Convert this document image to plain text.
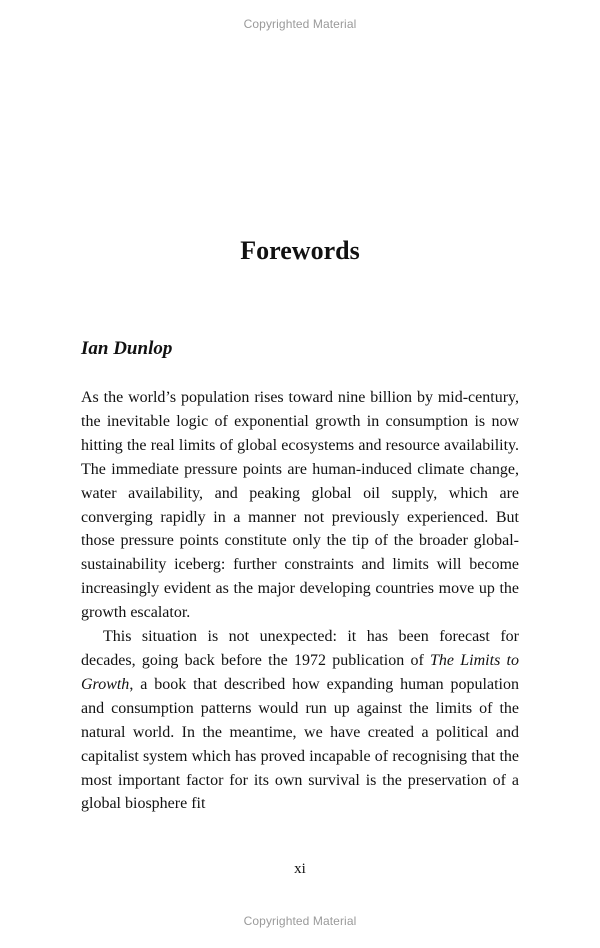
Copyrighted Material
Forewords
Ian Dunlop

As the world’s population rises toward nine billion by mid-century, the inevitable logic of exponential growth in consumption is now hitting the real limits of global ecosystems and resource availability. The immediate pressure points are human-induced climate change, water availability, and peaking global oil supply, which are converging rapidly in a manner not previously experienced. But those pressure points constitute only the tip of the broader global-sustainability iceberg: further constraints and limits will become increasingly evident as the major developing countries move up the growth escalator.

This situation is not unexpected: it has been forecast for decades, going back before the 1972 publication of The Limits to Growth, a book that described how expanding human population and consumption patterns would run up against the limits of the natural world. In the meantime, we have created a political and capitalist system which has proved incapable of recognising that the most important factor for its own survival is the preservation of a global biosphere fit

xi
Copyrighted Material
